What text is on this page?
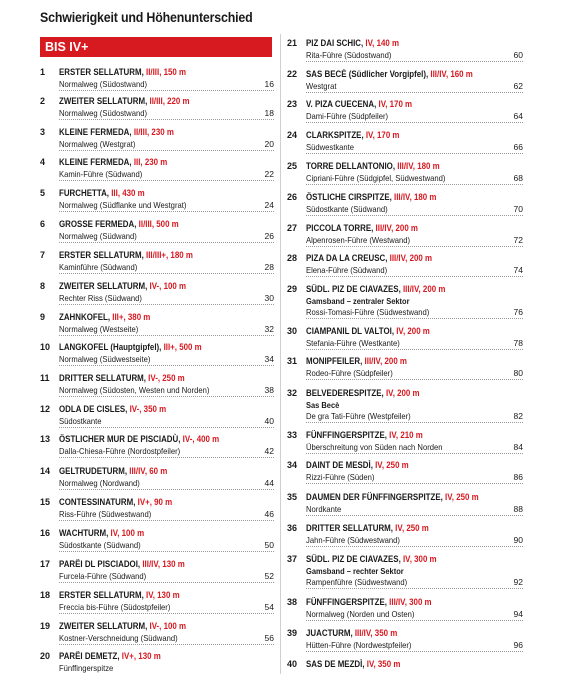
Schwierigkeit und Höhenunterschied
BIS IV+
1 ERSTER SELLATURM, II/III, 150 m
Normalweg (Südostwand)	16
2 ZWEITER SELLATURM, II/III, 220 m
Normalweg (Südostwand)	18
3 KLEINE FERMEDA, II/III, 230 m
Normalweg (Westgrat)	20
4 KLEINE FERMEDA, III, 230 m
Kamin-Führe (Südwand)	22
5 FURCHETTA, III, 430 m
Normalweg (Südflanke und Westgrat)	24
6 GROSSE FERMEDA, II/III, 500 m
Normalweg (Südwand)	26
7 ERSTER SELLATURM, III/III+, 180 m
Kaminführe (Südwand)	28
8 ZWEITER SELLATURM, IV-, 100 m
Rechter Riss (Südwand)	30
9 ZAHNKOFEL, III+, 380 m
Normalweg (Westseite)	32
10 LANGKOFEL (Hauptgipfel), III+, 500 m
Normalweg (Südwestseite)	34
11 DRITTER SELLATURM, IV-, 250 m
Normalweg (Südosten, Westen und Norden)	38
12 ODLA DE CISLES, IV-, 350 m
Südostkante	40
13 ÖSTLICHER MUR DE PISCIADÙ, IV-, 400 m
Dalla-Chiesa-Führe (Nordostpfeiler)	42
14 GELTRUDETURM, III/IV, 60 m
Normalweg (Nordwand)	44
15 CONTESSINATURM, IV+, 90 m
Riss-Führe (Südwestwand)	46
16 WACHTURM, IV, 100 m
Südostkante (Südwand)	50
17 PARËI DL PISCIADOI, III/IV, 130 m
Furcela-Führe (Südwand)	52
18 ERSTER SELLATURM, IV, 130 m
Freccia bis-Führe (Südostpfeiler)	54
19 ZWEITER SELLATURM, IV-, 100 m
Kostner-Verschneidung (Südwand)	56
20 PARËI DEMETZ, IV+, 130 m
Fünffingerspitze
21 PIZ DAI SCHIC, IV, 140 m
Rita-Führe (Südostwand)	60
22 SAS BECÈ (Südlicher Vorgipfel), III/IV, 160 m
Westgrat	62
23 V. PIZA CUECENA, IV, 170 m
Dami-Führe (Südpfeiler)	64
24 CLARKSPITZE, IV, 170 m
Südwestkante	66
25 TORRE DELLANTONIO, III/IV, 180 m
Cipriani-Führe (Südgipfel, Südwestwand)	68
26 ÖSTLICHE CIRSPITZE, III/IV, 180 m
Südostkante (Südwand)	70
27 PICCOLA TORRE, III/IV, 200 m
Alpenrosen-Führe (Westwand)	72
28 PIZA DA LA CREUSC, III/IV, 200 m
Elena-Führe (Südwand)	74
29 SÜDL. PIZ DE CIAVAZES, III/IV, 200 m
Gamsband – zentraler Sektor
Rossi-Tomasi-Führe (Südwestwand)	76
30 CIAMPANIL DL VALTOI, IV, 200 m
Stefania-Führe (Westkante)	78
31 MONIPFEILER, III/IV, 200 m
Rodeo-Führe (Südpfeiler)	80
32 BELVEDERESPITZE, IV, 200 m
Sas Becè
De gra Tati-Führe (Westpfeiler)	82
33 FÜNFFINGERSPITZE, IV, 210 m
Überschreitung von Süden nach Norden	84
34 DAINT DE MESDÌ, IV, 250 m
Rizzi-Führe (Süden)	86
35 DAUMEN DER FÜNFFINGERSPITZE, IV, 250 m
Nordkante	88
36 DRITTER SELLATURM, IV, 250 m
Jahn-Führe (Südwestwand)	90
37 SÜDL. PIZ DE CIAVAZES, IV, 300 m
Gamsband – rechter Sektor
Rampenführe (Südwestwand)	92
38 FÜNFFINGERSPITZE, III/IV, 300 m
Normalweg (Norden und Osten)	94
39 JUACTURM, III/IV, 350 m
Hütten-Führe (Nordwestpfeiler)	96
40 SAS DE MEZDÌ, IV, 350 m
